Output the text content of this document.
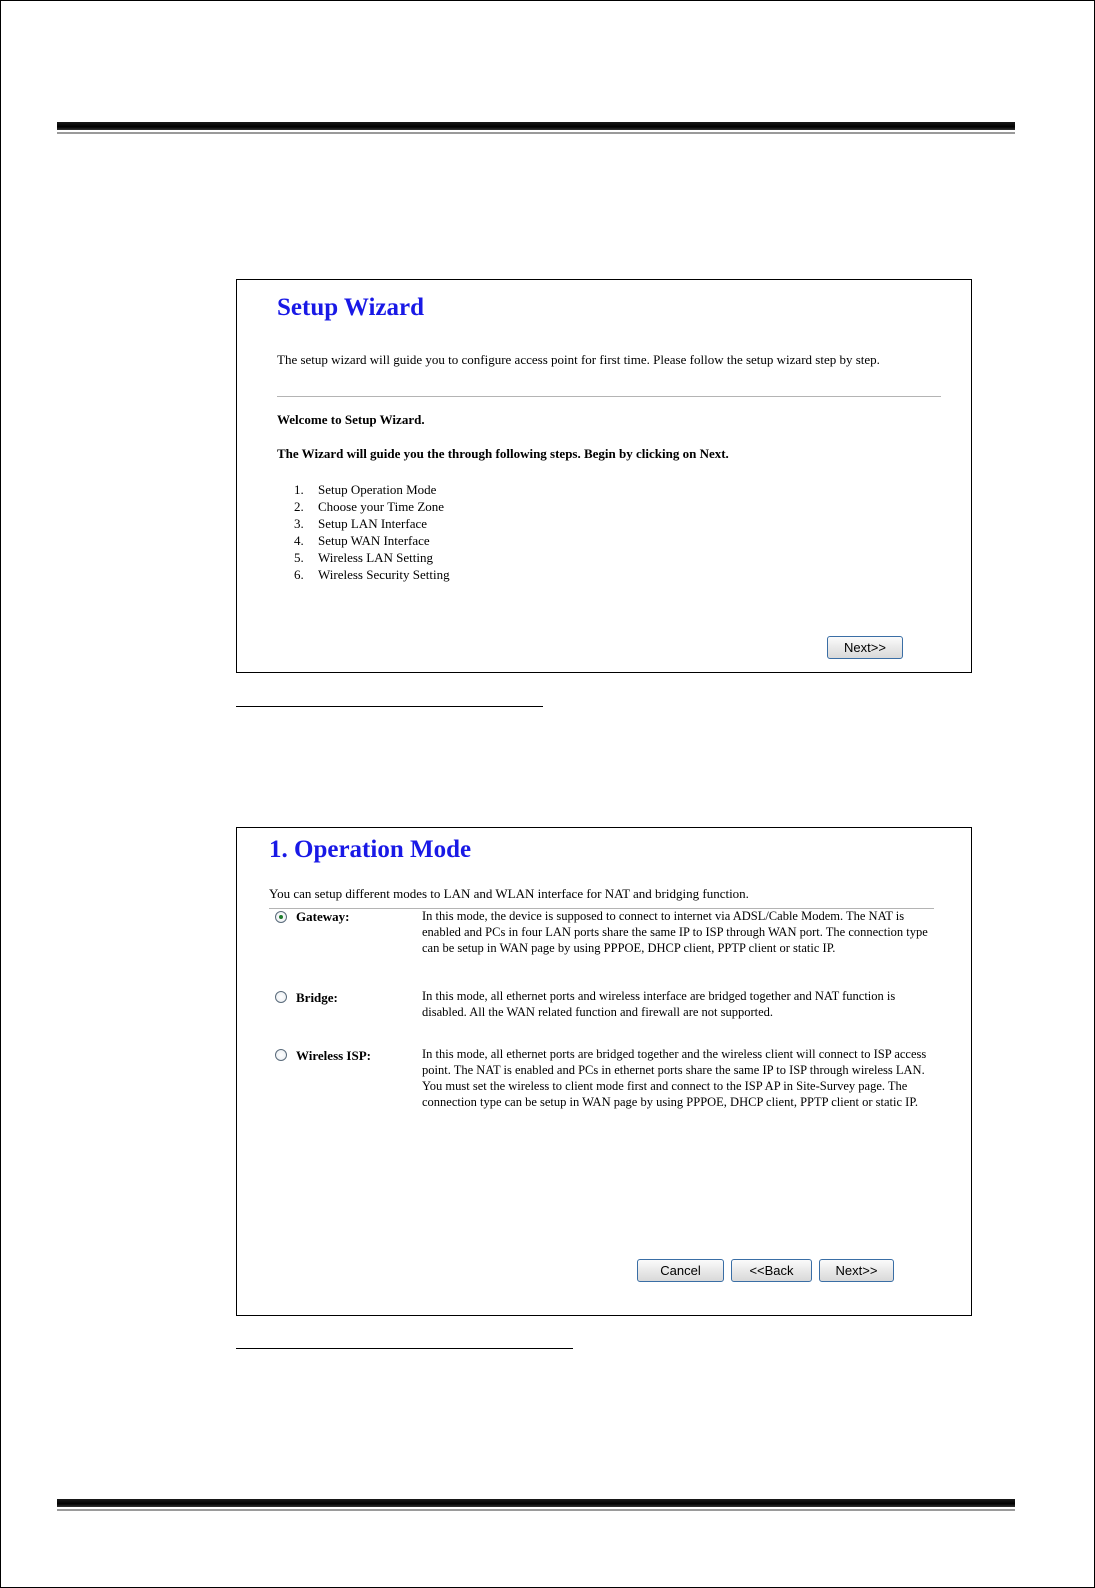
Setup Wizard
The setup wizard will guide you to configure access point for first time. Please follow the setup wizard step by step.
Welcome to Setup Wizard.
The Wizard will guide you the through following steps. Begin by clicking on Next.
1.	Setup Operation Mode
2.	Choose your Time Zone
3.	Setup LAN Interface
4.	Setup WAN Interface
5.	Wireless LAN Setting
6.	Wireless Security Setting
Next>>
1. Operation Mode
You can setup different modes to LAN and WLAN interface for NAT and bridging function.
Gateway:	In this mode, the device is supposed to connect to internet via ADSL/Cable Modem. The NAT is enabled and PCs in four LAN ports share the same IP to ISP through WAN port. The connection type can be setup in WAN page by using PPPOE, DHCP client, PPTP client or static IP.
Bridge:	In this mode, all ethernet ports and wireless interface are bridged together and NAT function is disabled. All the WAN related function and firewall are not supported.
Wireless ISP:	In this mode, all ethernet ports are bridged together and the wireless client will connect to ISP access point. The NAT is enabled and PCs in ethernet ports share the same IP to ISP through wireless LAN. You must set the wireless to client mode first and connect to the ISP AP in Site-Survey page. The connection type can be setup in WAN page by using PPPOE, DHCP client, PPTP client or static IP.
Cancel	<<Back	Next>>
